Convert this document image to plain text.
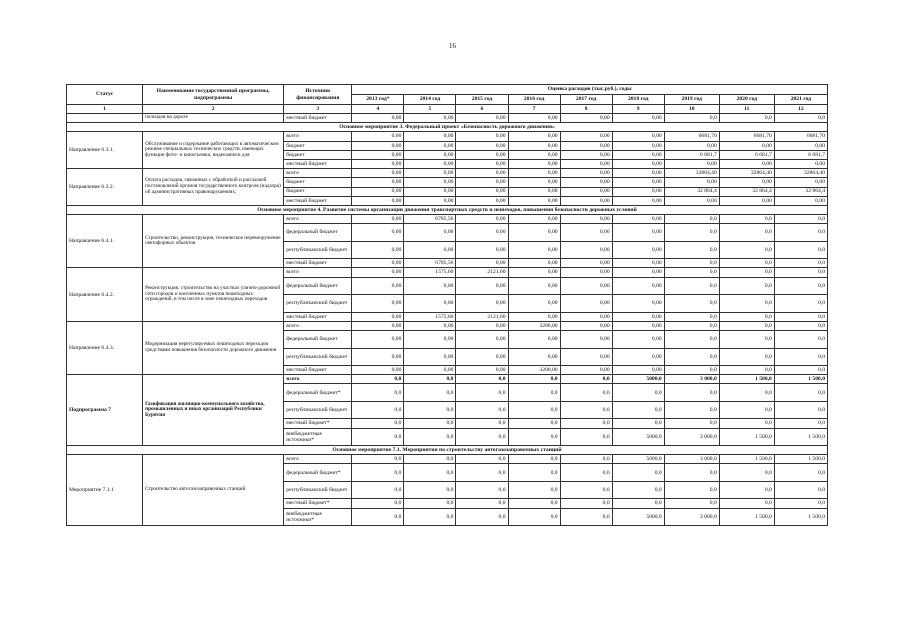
16
Статус	Наименование государственной программы, подпрограммы	Источник финансирования	Оценка расходов (тыс.руб.), годы								
			2013 год*	2014 год	2015 год	2016 год	2017 год	2018 год	2019 год	2020 год	2021 год
1	2	3	4	5	6	7	8	9	10	11	12
	полиздов на дороге	местный бюджет	0,00	0,00	0,00	0,00	0,00	0,00	0,0	0,0	0,0
Основное мероприятие 3. Федеральный проект «Безопасность дорожного движения»											
Направление 6.3.1.	Обслуживание и содержание работающих в автоматическом режиме специальных технических средств, имеющих функции фото- и киносъемки, видеозаписи для	всего	0,00	0,00	0,00	0,00	0,00	0,00	6681,70	6681,70	6681,70
		бюджет	0,00	0,00	0,00	0,00	0,00	0,00	0,00	0,00	0,00
		бюджет	0,00	0,00	0,00	0,00	0,00	0,00	6 681,7	6 681,7	6 681,7
		местный бюджет	0,00	0,00	0,00	0,00	0,00	0,00	0,00	0,00	0,00
Направление 6.3.2.	Оплата расходов, связанных с обработкой и рассылкой постановлений органов государственного контроля (надзора) об административных правонарушениях,	всего	0,00	0,00	0,00	0,00	0,00	0,00	32864,40	32864,40	32864,40
		бюджет	0,00	0,00	0,00	0,00	0,00	0,00	0,00	0,00	0,00
		бюджет	0,00	0,00	0,00	0,00	0,00	0,00	32 864,4	32 864,4	32 864,4
		местный бюджет	0,00	0,00	0,00	0,00	0,00	0,00	0,00	0,00	0,00
Основное мероприятие 4. Развитие системы организации движения транспортных средств и пешеходов, повышения безопасности дорожных условий											
Направление 6.4.1.	Строительство, реконструкция, техническое перевооружение светофорных объектов	всего	0,00	6785,56	0,00	0,00	0,00	0,00	0,0	0,0	0,0
		федеральный бюджет	0,00	0,00	0,00	0,00	0,00	0,00	0,0	0,0	0,0
		республиканский бюджет	0,00	0,00	0,00	0,00	0,00	0,00	0,0	0,0	0,0
		местный бюджет	0,00	6785,56	0,00	0,00	0,00	0,00	0,0	0,0	0,0
Направление 6.4.2.	Реконструкция, строительство на участках улично-дорожной сети городов и населенных пунктов пешеходных ограждений, в том числе в зоне пешеходных переходов	всего	0,00	1575,60	2121,60	0,00	0,00	0,00	0,0	0,0	0,0
		федеральный бюджет	0,00	0,00	0,00	0,00	0,00	0,00	0,0	0,0	0,0
		республиканский бюджет	0,00	0,00	0,00	0,00	0,00	0,00	0,0	0,0	0,0
		местный бюджет	0,00	1575,60	2121,60	0,00	0,00	0,00	0,0	0,0	0,0
Направление 6.4.3.	Модернизация нерегулируемых пешеходных переходов средствами повышения безопасности дорожного движения	всего	0,00	0,00	0,00	3200,00	0,00	0,00	0,0	0,0	0,0
		федеральный бюджет	0,00	0,00	0,00	0,00	0,00	0,00	0,0	0,0	0,0
		республиканский бюджет	0,00	0,00	0,00	0,00	0,00	0,00	0,0	0,0	0,0
		местный бюджет	0,00	0,00	0,00	3200,00	0,00	0,00	0,0	0,0	0,0
Подпрограмма 7	Газификация жилищно-коммунального хозяйства, промышленных и иных организаций Республики Бурятия	всего	0,0	0,0	0,0	0,0	0,0	5000,0	3 000,0	1 500,0	1 500,0
		федеральный бюджет*	0,0	0,0	0,0	0,0	0,0	0,0	0,0	0,0	0,0
		республиканский бюджет	0,0	0,0	0,0	0,0	0,0	0,0	0,0	0,0	0,0
		местный бюджет*	0,0	0,0	0,0	0,0	0,0	0,0	0,0	0,0	0,0
		внебюджетные источники*	0,0	0,0	0,0	0,0	0,0	5000,0	3 000,0	1 500,0	1 500,0
Основное мероприятие 7.1. Мероприятия по строительству автогазозаправочных станций											
Мероприятие 7.1.1	Строительство автогазозаправочных станций	всего	0,0	0,0	0,0	0,0	0,0	5000,0	3 000,0	1 500,0	1 500,0
		федеральный бюджет*	0,0	0,0	0,0	0,0	0,0	0,0	0,0	0,0	0,0
		республиканский бюджет	0,0	0,0	0,0	0,0	0,0	0,0	0,0	0,0	0,0
		местный бюджет*	0,0	0,0	0,0	0,0	0,0	0,0	0,0	0,0	0,0
		внебюджетные источники*	0,0	0,0	0,0	0,0	0,0	5000,0	3 000,0	1 500,0	1 500,0
